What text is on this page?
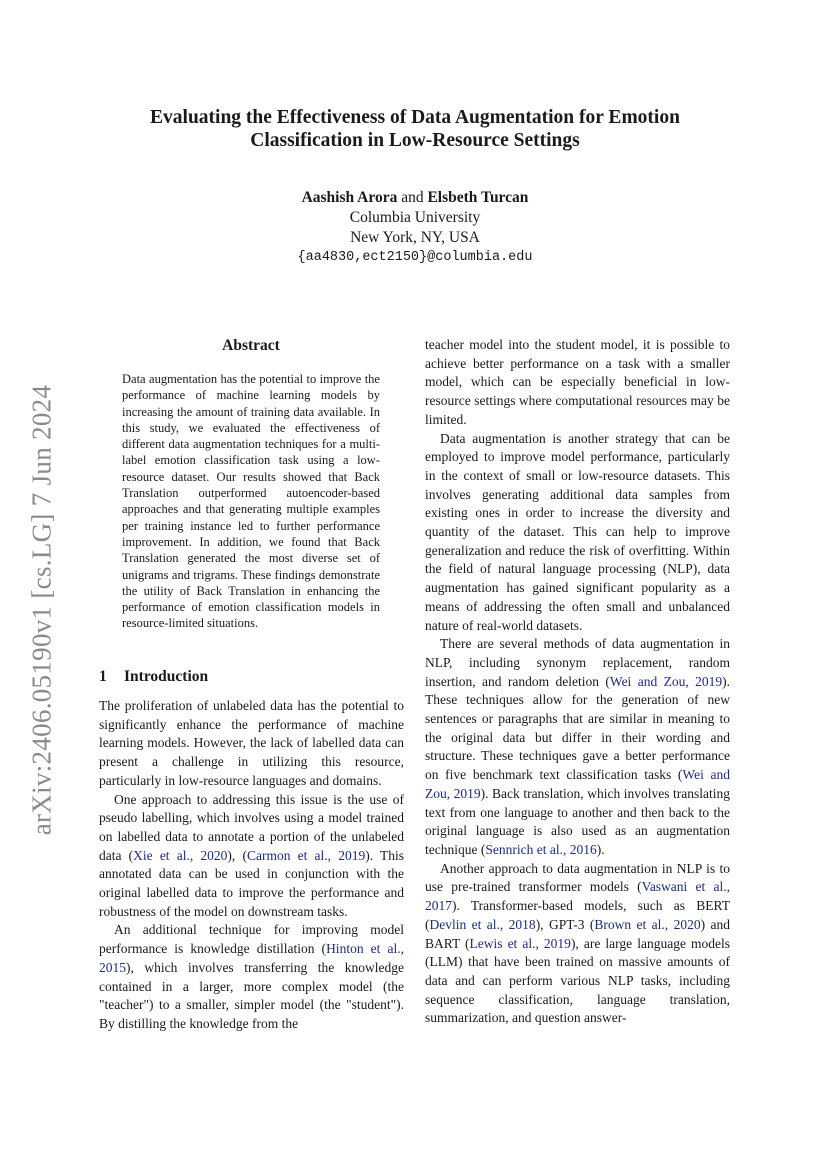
arXiv:2406.05190v1 [cs.LG] 7 Jun 2024
Evaluating the Effectiveness of Data Augmentation for Emotion
Classification in Low-Resource Settings
Aashish Arora and Elsbeth Turcan
Columbia University
New York, NY, USA
{aa4830,ect2150}@columbia.edu
Abstract
Data augmentation has the potential to improve the performance of machine learning models by increasing the amount of training data available. In this study, we evaluated the effectiveness of different data augmentation techniques for a multi-label emotion classification task using a low-resource dataset. Our results showed that Back Translation outperformed autoencoder-based approaches and that generating multiple examples per training instance led to further performance improvement. In addition, we found that Back Translation generated the most diverse set of unigrams and trigrams. These findings demonstrate the utility of Back Translation in enhancing the performance of emotion classification models in resource-limited situations.
1 Introduction

The proliferation of unlabeled data has the potential to significantly enhance the performance of machine learning models. However, the lack of labelled data can present a challenge in utilizing this resource, particularly in low-resource languages and domains.

One approach to addressing this issue is the use of pseudo labelling, which involves using a model trained on labelled data to annotate a portion of the unlabeled data (Xie et al., 2020), (Carmon et al., 2019). This annotated data can be used in conjunction with the original labelled data to improve the performance and robustness of the model on downstream tasks.

An additional technique for improving model performance is knowledge distillation (Hinton et al., 2015), which involves transferring the knowledge contained in a larger, more complex model (the "teacher") to a smaller, simpler model (the "student"). By distilling the knowledge from the

teacher model into the student model, it is possible to achieve better performance on a task with a smaller model, which can be especially beneficial in low-resource settings where computational resources may be limited.

Data augmentation is another strategy that can be employed to improve model performance, particularly in the context of small or low-resource datasets. This involves generating additional data samples from existing ones in order to increase the diversity and quantity of the dataset. This can help to improve generalization and reduce the risk of overfitting. Within the field of natural language processing (NLP), data augmentation has gained significant popularity as a means of addressing the often small and unbalanced nature of real-world datasets.

There are several methods of data augmentation in NLP, including synonym replacement, random insertion, and random deletion (Wei and Zou, 2019). These techniques allow for the generation of new sentences or paragraphs that are similar in meaning to the original data but differ in their wording and structure. These techniques gave a better performance on five benchmark text classification tasks (Wei and Zou, 2019). Back translation, which involves translating text from one language to another and then back to the original language is also used as an augmentation technique (Sennrich et al., 2016).

Another approach to data augmentation in NLP is to use pre-trained transformer models (Vaswani et al., 2017). Transformer-based models, such as BERT (Devlin et al., 2018), GPT-3 (Brown et al., 2020) and BART (Lewis et al., 2019), are large language models (LLM) that have been trained on massive amounts of data and can perform various NLP tasks, including sequence classification, language translation, summarization, and question answer-
